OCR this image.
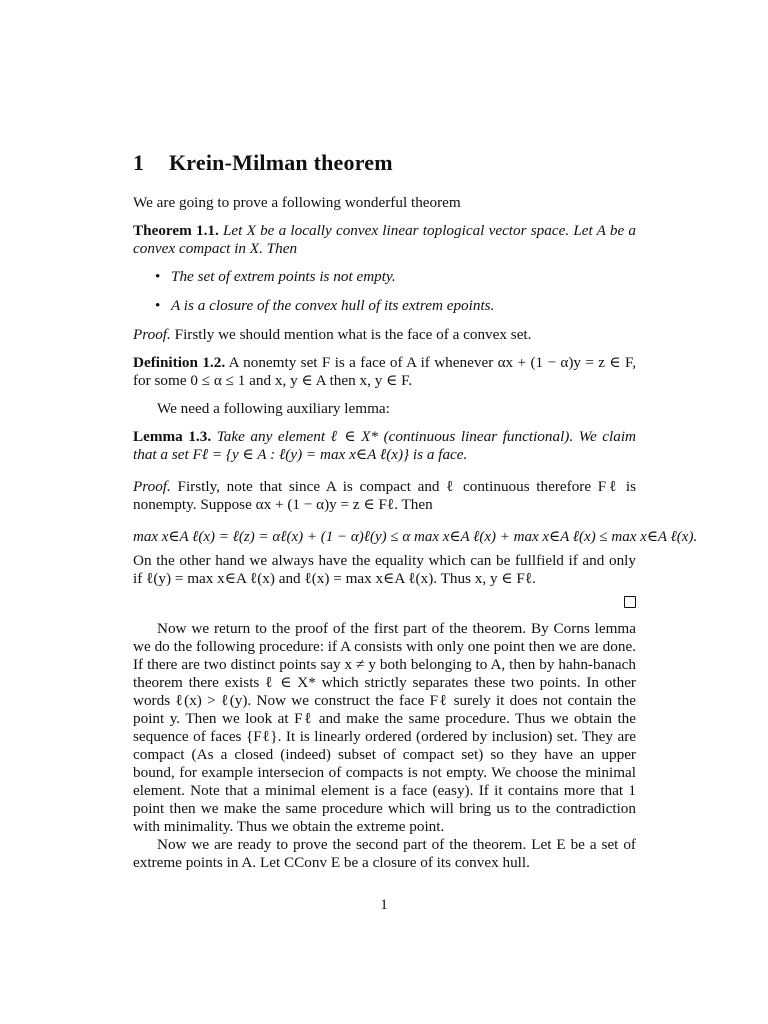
1 Krein-Milman theorem

We are going to prove a following wonderful theorem

Theorem 1.1. Let X be a locally convex linear toplogical vector space. Let A be a convex compact in X. Then

• The set of extrem points is not empty.
• A is a closure of the convex hull of its extrem epoints.

Proof. Firstly we should mention what is the face of a convex set.

Definition 1.2. A nonemty set F is a face of A if whenever αx + (1 − α)y = z ∈ F, for some 0 ≤ α ≤ 1 and x, y ∈ A then x, y ∈ F.

We need a following auxiliary lemma:

Lemma 1.3. Take any element ℓ ∈ X* (continuous linear functional). We claim that a set Fℓ = {y ∈ A : ℓ(y) = max x∈A ℓ(x)} is a face.

Proof. Firstly, note that since A is compact and ℓ continuous therefore Fℓ is nonempty. Suppose αx + (1 − α)y = z ∈ Fℓ. Then

max x∈A ℓ(x) = ℓ(z) = αℓ(x) + (1 − α)ℓ(y) ≤ α max x∈A ℓ(x) + max x∈A ℓ(x) ≤ max x∈A ℓ(x).

On the other hand we always have the equality which can be fullfield if and only if ℓ(y) = max x∈A ℓ(x) and ℓ(x) = max x∈A ℓ(x). Thus x, y ∈ Fℓ.

Now we return to the proof of the first part of the theorem. By Corns lemma we do the following procedure: if A consists with only one point then we are done. If there are two distinct points say x ≠ y both belonging to A, then by hahn-banach theorem there exists ℓ ∈ X* which strictly separates these two points. In other words ℓ(x) > ℓ(y). Now we construct the face Fℓ surely it does not contain the point y. Then we look at Fℓ and make the same procedure. Thus we obtain the sequence of faces {Fℓ}. It is linearly ordered (ordered by inclusion) set. They are compact (As a closed (indeed) subset of compact set) so they have an upper bound, for example intersecion of compacts is not empty. We choose the minimal element. Note that a minimal element is a face (easy). If it contains more that 1 point then we make the same procedure which will bring us to the contradiction with minimality. Thus we obtain the extreme point.

Now we are ready to prove the second part of the theorem. Let E be a set of extreme points in A. Let CConv E be a closure of its convex hull.

1
